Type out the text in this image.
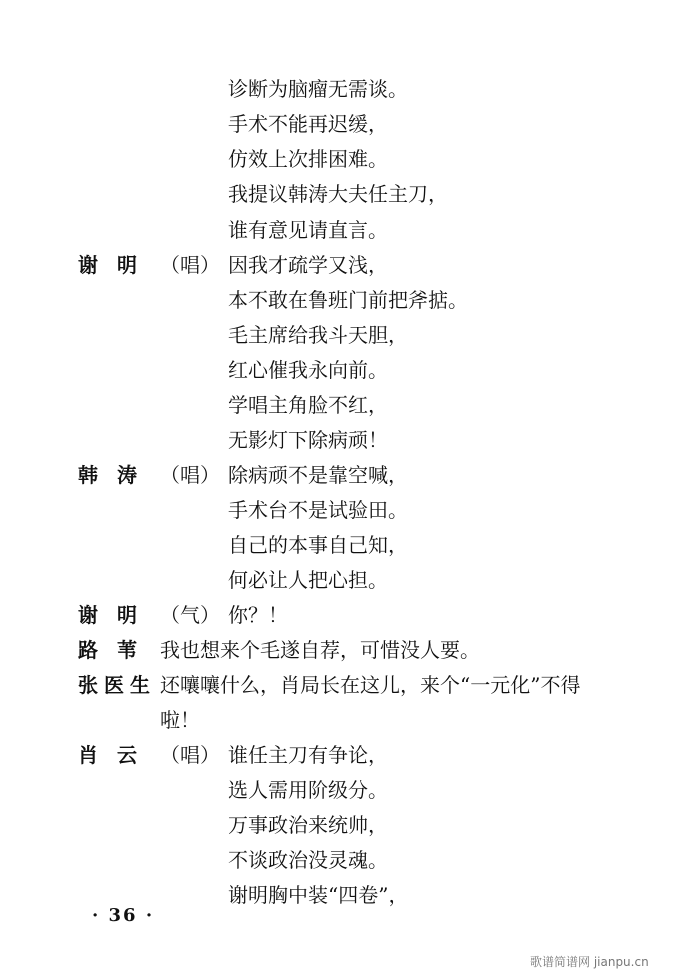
诊断为脑瘤无需谈。
手术不能再迟缓，
仿效上次排困难。
我提议韩涛大夫任主刀，
谁有意见请直言。
谢 明 （唱） 因我才疏学又浅，
本不敢在鲁班门前把斧掂。
毛主席给我斗天胆，
红心催我永向前。
学唱主角脸不红，
无影灯下除病顽！
韩 涛 （唱） 除病顽不是靠空喊，
手术台不是试验田。
自己的本事自己知，
何必让人把心担。
谢 明 （气） 你？！
路 苇 我也想来个毛遂自荐，可惜没人要。
张医生 还嚷嚷什么，肖局长在这儿，来个“一元化”不得
啦！
肖 云 （唱） 谁任主刀有争论，
选人需用阶级分。
万事政治来统帅，
不谈政治没灵魂。
谢明胸中装“四卷”，
· 36 ·
歌谱简谱网 jianpu.cn
